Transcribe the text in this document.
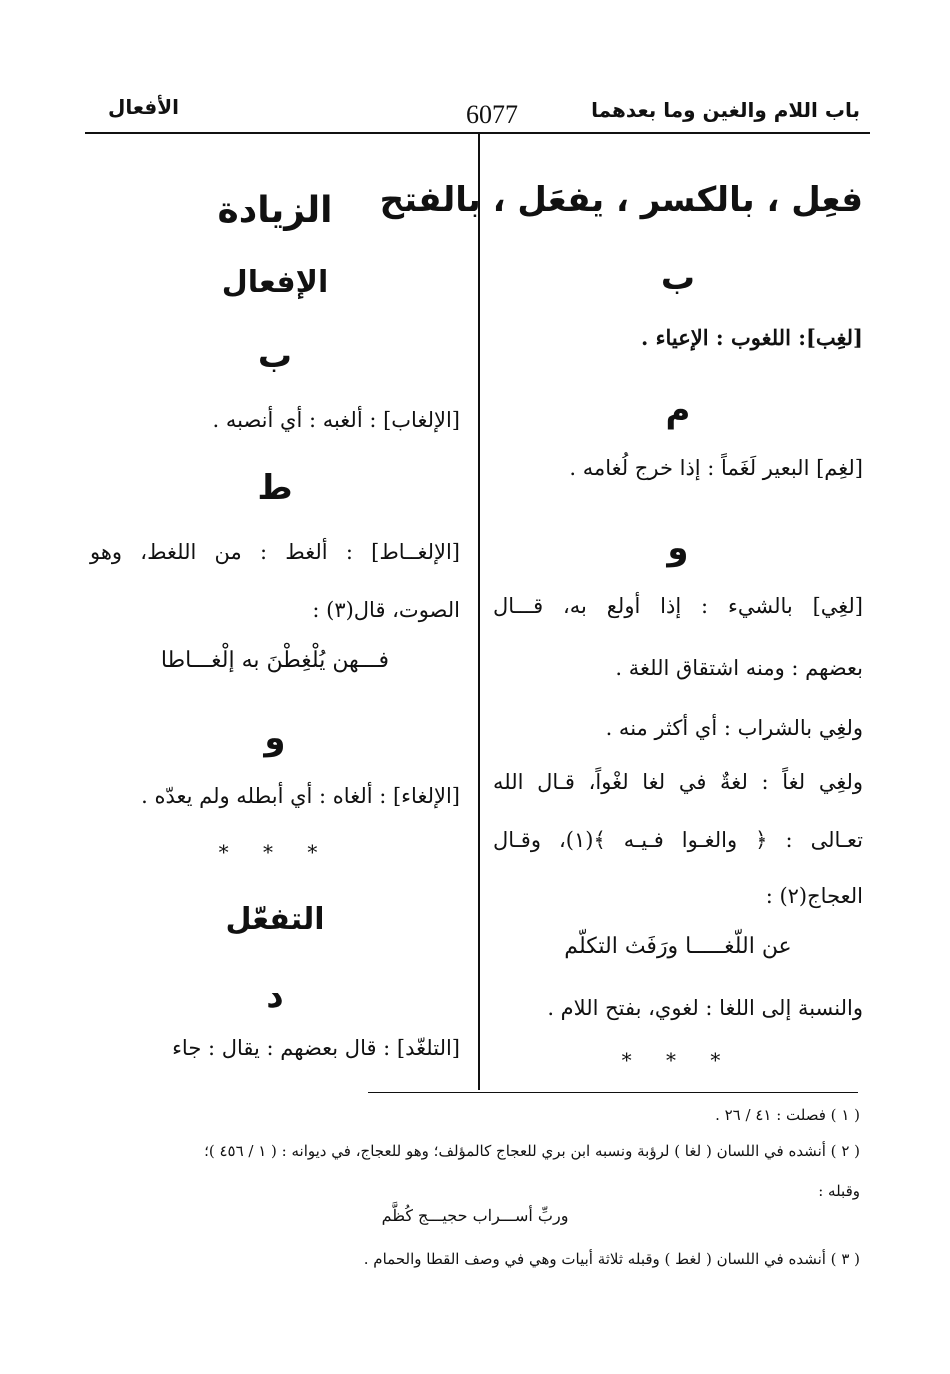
باب اللام والغين وما بعدهما
6077
الأفعال
فعِل ، بالكسر ، يفعَل ، بالفتح
ب
[لغِب]: اللغوب : الإعياء .
م
[لغِم] البعير لَغَماً : إذا خرج لُغامه .
و
[لغِي] بالشيء : إذا أولع به، قـــال
بعضهم : ومنه اشتقاق اللغة .
ولغِي بالشراب : أي أكثر منه .
ولغِي لغاً : لغةٌ في لغا لغْواً، قـال الله
تعـالى : ﴿ والغـوا فـيـه ﴾(١)، وقـال
العجاج(٢) :
عن اللّغـــــا ورَفَث التكلّم
والنسبة إلى اللغا : لغوي، بفتح اللام .
* * *
الزيادة
الإفعال
ب
[الإلغاب] : ألغبه : أي أنصبه .
ط
[الإلغــاط] : ألغط : من اللغط، وهو
الصوت، قال(٣) :
فـــهن يُلْغِطْنَ به إلْغـــاطا
و
[الإلغاء] : ألغاه : أي أبطله ولم يعدّه .
* * *
التفعّل
د
[التلغّد] : قال بعضهم : يقال : جاء
( ١ ) فصلت : ٤١ / ٢٦ .
( ٢ ) أنشده في اللسان ( لغا ) لرؤبة ونسبه ابن بري للعجاج كالمؤلف؛ وهو للعجاج، في ديوانه : ( ١ / ٤٥٦ )؛
وقبله :
وربِّ أســـراب حجيـــج كُظَّم
( ٣ ) أنشده في اللسان ( لغط ) وقبله ثلاثة أبيات وهي في وصف القطا والحمام .
